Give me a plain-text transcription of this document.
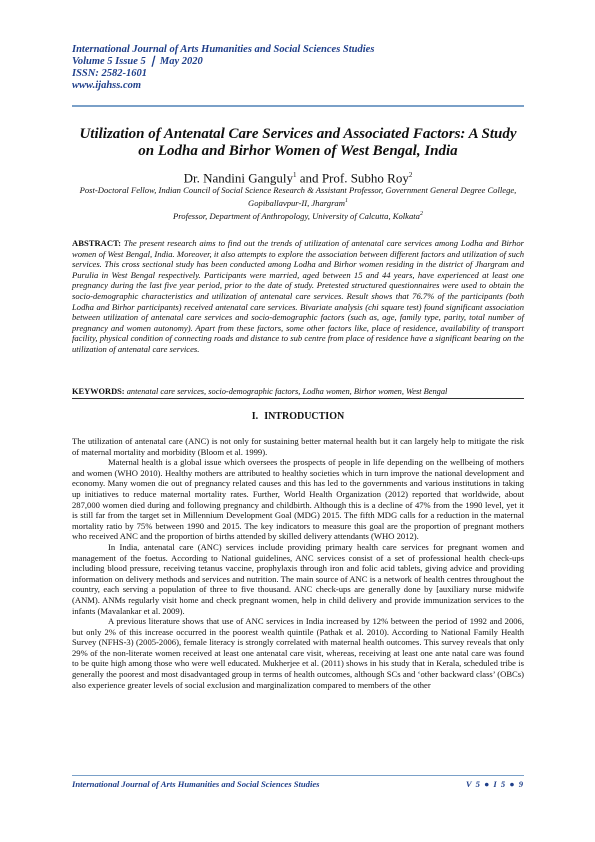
International Journal of Arts Humanities and Social Sciences Studies
Volume 5 Issue 5 ❘ May 2020
ISSN: 2582-1601
www.ijahss.com
Utilization of Antenatal Care Services and Associated Factors: A Study on Lodha and Birhor Women of West Bengal, India
Dr. Nandini Ganguly$^1$ and Prof. Subho Roy$^2$
Post-Doctoral Fellow, Indian Council of Social Science Research & Assistant Professor, Government General Degree College, Gopiballavpur-II, Jhargram$^1$
Professor, Department of Anthropology, University of Calcutta, Kolkata$^2$
ABSTRACT: The present research aims to find out the trends of utilization of antenatal care services among Lodha and Birhor women of West Bengal, India. Moreover, it also attempts to explore the association between different factors and utilization of such services. This cross sectional study has been conducted among Lodha and Birhor women residing in the district of Jhargram and Purulia in West Bengal respectively. Participants were married, aged between 15 and 44 years, have experienced at least one pregnancy during the last five year period, prior to the date of study. Pretested structured questionnaires were used to obtain the socio-demographic characteristics and utilization of antenatal care services. Result shows that 76.7% of the participants (both Lodha and Birhor participants) received antenatal care services. Bivariate analysis (chi square test) found significant association between utilization of antenatal care services and socio-demographic factors (such as, age, family type, parity, total number of pregnancy and women autonomy). Apart from these factors, some other factors like, place of residence, availability of transport facility, physical condition of connecting roads and distance to sub centre from place of residence have a significant bearing on the utilization of antenatal care services.
KEYWORDS: antenatal care services, socio-demographic factors, Lodha women, Birhor women, West Bengal
I. INTRODUCTION

The utilization of antenatal care (ANC) is not only for sustaining better maternal health but it can largely help to mitigate the risk of maternal mortality and morbidity (Bloom et al. 1999).

Maternal health is a global issue which oversees the prospects of people in life depending on the wellbeing of mothers and women (WHO 2010). Healthy mothers are attributed to healthy societies which in turn improve the national development and economy. Many women die out of pregnancy related causes and this has led to the governments and various institutions in taking up initiatives to reduce maternal mortality rates. Further, World Health Organization (2012) reported that worldwide, about 287,000 women died during and following pregnancy and childbirth. Although this is a decline of 47% from the 1990 level, yet it is still far from the target set in Millennium Development Goal (MDG) 2015. The fifth MDG calls for a reduction in the maternal mortality ratio by 75% between 1990 and 2015. The key indicators to measure this goal are the proportion of pregnant mothers who received ANC and the proportion of births attended by skilled delivery attendants (WHO 2012).

In India, antenatal care (ANC) services include providing primary health care services for pregnant women and management of the foetus. According to National guidelines, ANC services consist of a set of professional health check-ups including blood pressure, receiving tetanus vaccine, prophylaxis through iron and folic acid tablets, giving advice and providing information on delivery methods and services and nutrition. The main source of ANC is a network of health centres throughout the country, each serving a population of three to five thousand. ANC check-ups are generally done by [auxiliary nurse midwife (ANM). ANMs regularly visit home and check pregnant women, help in child delivery and provide immunization services to the infants (Mavalankar et al. 2009).

A previous literature shows that use of ANC services in India increased by 12% between the period of 1992 and 2006, but only 2% of this increase occurred in the poorest wealth quintile (Pathak et al. 2010). According to National Family Health Survey (NFHS-3) (2005-2006), female literacy is strongly correlated with maternal health outcomes. This survey reveals that only 29% of the non-literate women received at least one antenatal care visit, whereas, receiving at least one ante natal care was found to be quite high among those who were well educated. Mukherjee et al. (2011) shows in his study that in Kerala, scheduled tribe is generally the poorest and most disadvantaged group in terms of health outcomes, although SCs and ‘other backward class’ (OBCs) also experience greater levels of social exclusion and marginalization compared to members of the other

International Journal of Arts Humanities and Social Sciences Studies	V 5 ● I 5 ● 9
